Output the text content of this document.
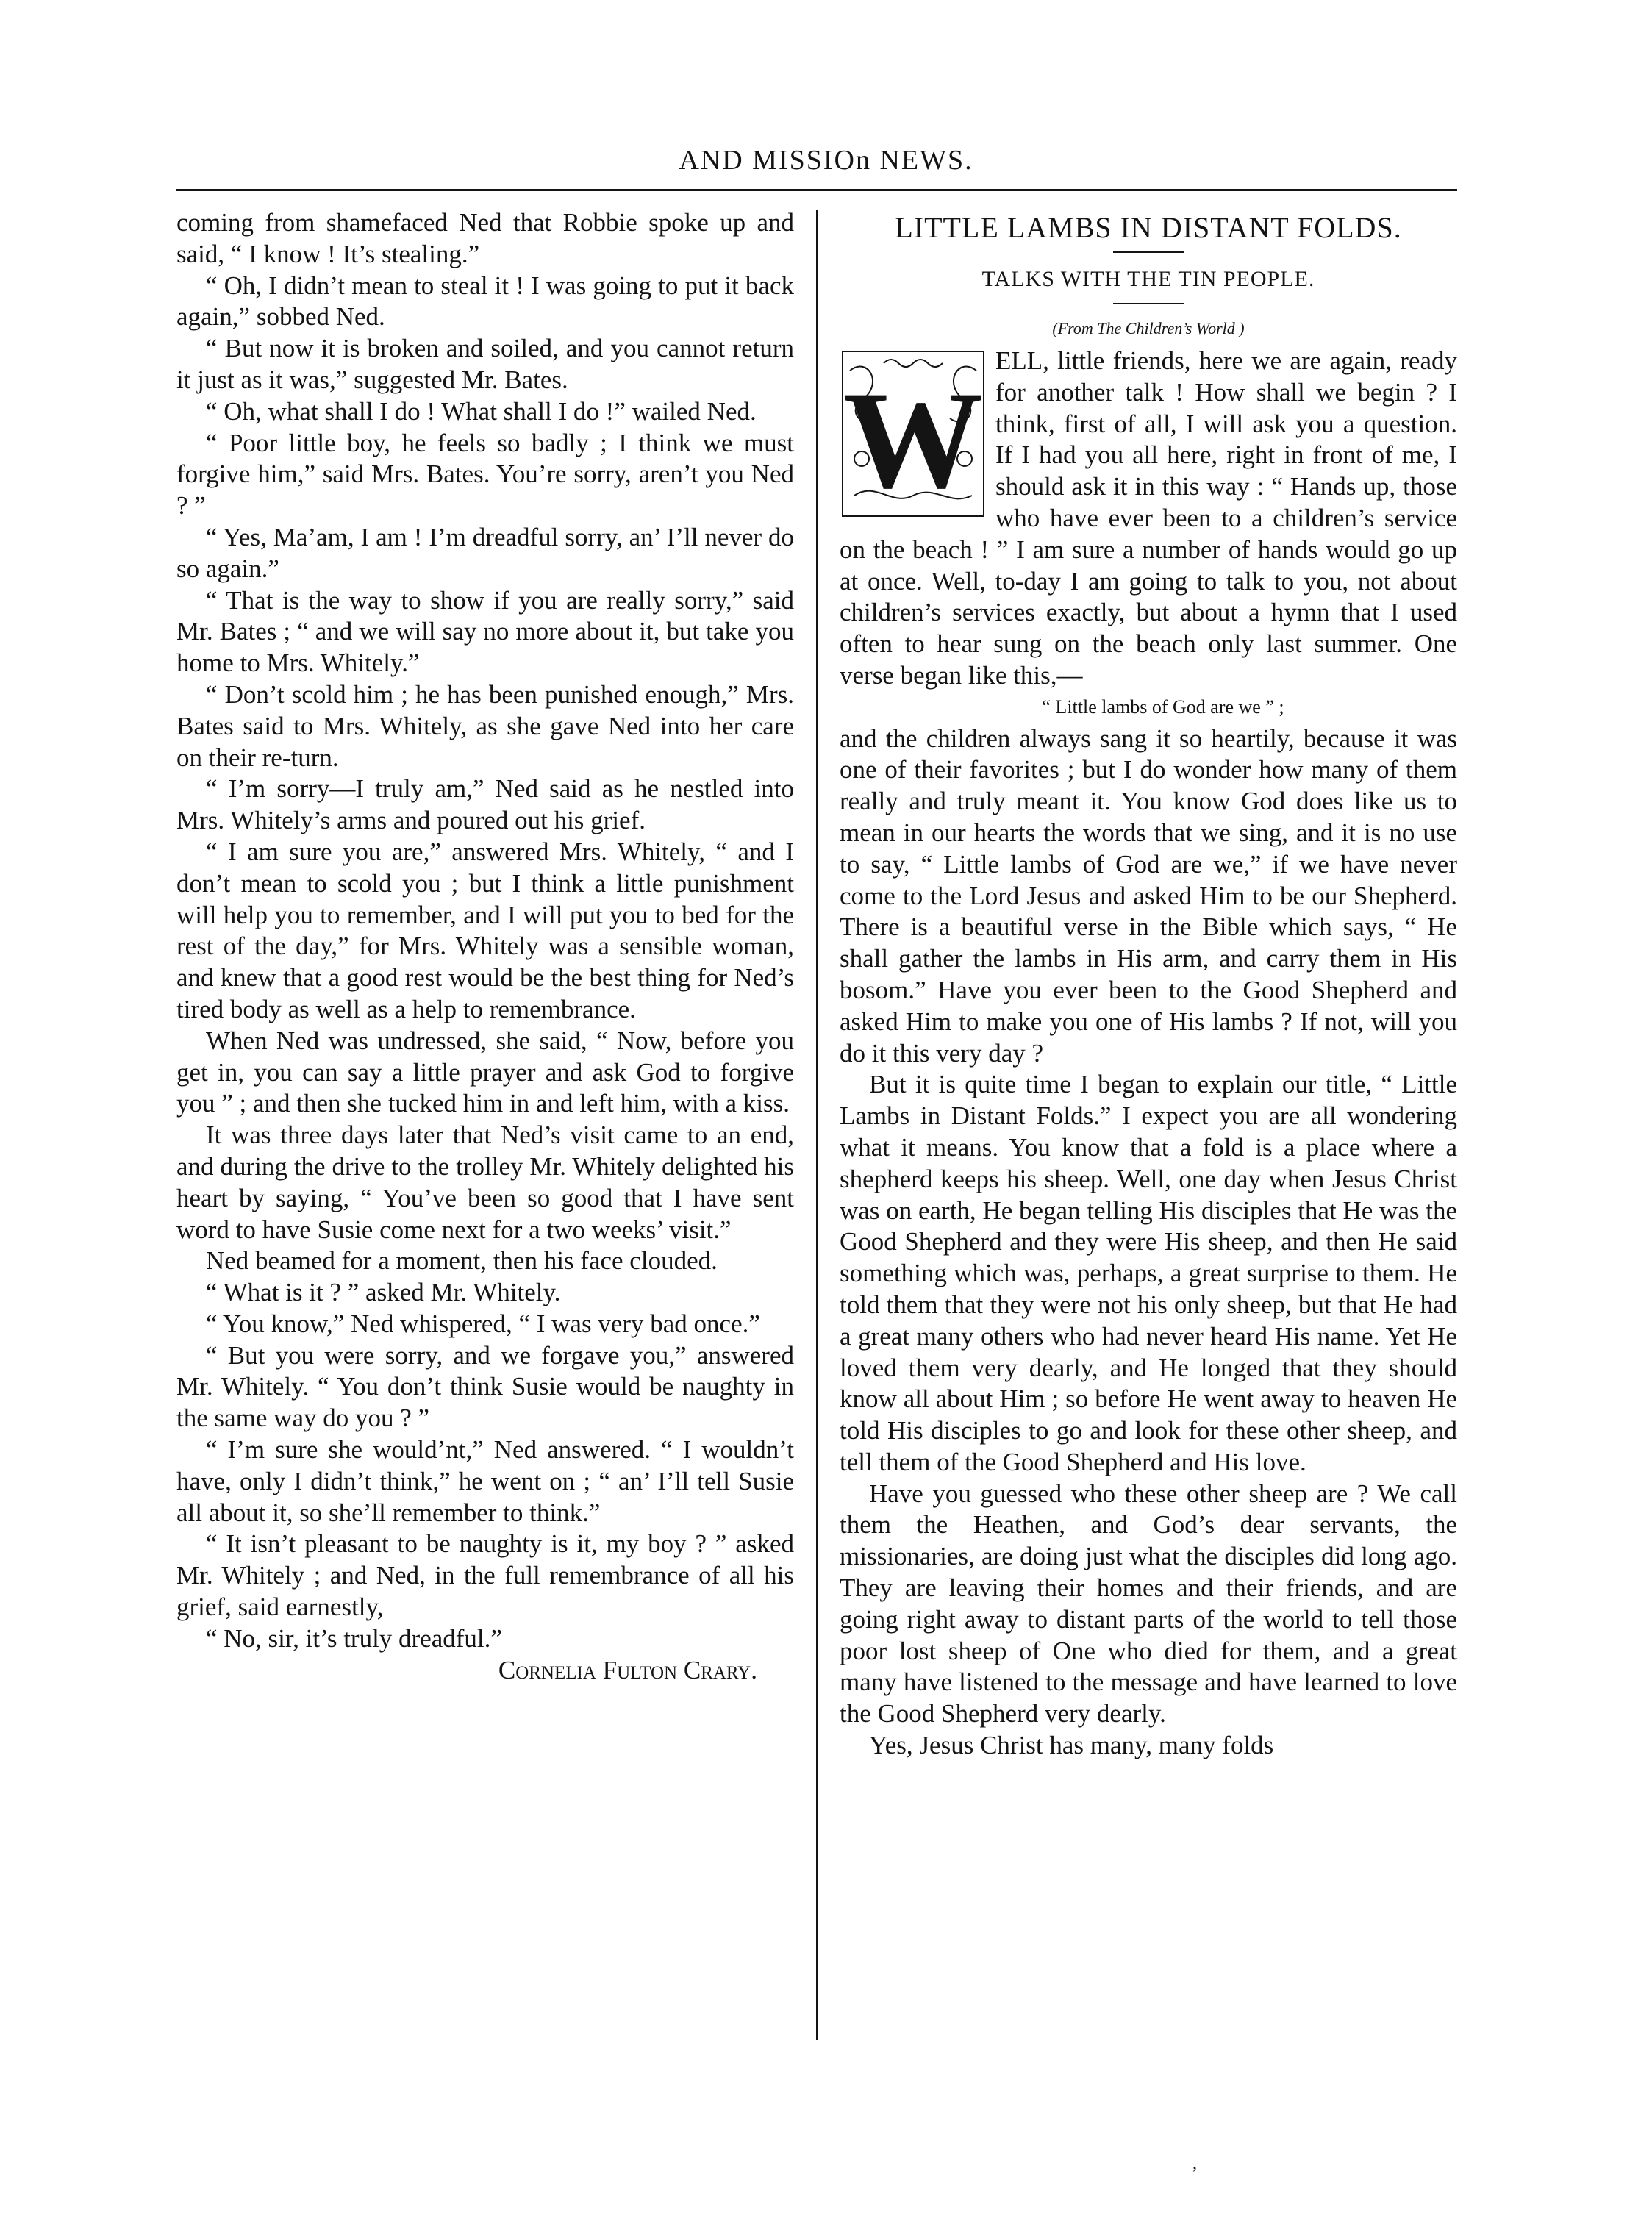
AND MISSIOn NEWS.

coming from shamefaced Ned that Robbie spoke up and said, “ I know ! It’s stealing.”

“ Oh, I didn’t mean to steal it ! I was going to put it back again,” sobbed Ned.

“ But now it is broken and soiled, and you cannot return it just as it was,” suggested Mr. Bates.

“ Oh, what shall I do ! What shall I do !” wailed Ned.

“ Poor little boy, he feels so badly ; I think we must forgive him,” said Mrs. Bates. You’re sorry, aren’t you Ned ? ”

“ Yes, Ma’am, I am ! I’m dreadful sorry, an’ I’ll never do so again.”

“ That is the way to show if you are really sorry,” said Mr. Bates ; “ and we will say no more about it, but take you home to Mrs. Whitely.”

“ Don’t scold him ; he has been punished enough,” Mrs. Bates said to Mrs. Whitely, as she gave Ned into her care on their re-turn.

“ I’m sorry—I truly am,” Ned said as he nestled into Mrs. Whitely’s arms and poured out his grief.

“ I am sure you are,” answered Mrs. Whitely, “ and I don’t mean to scold you ; but I think a little punishment will help you to remember, and I will put you to bed for the rest of the day,” for Mrs. Whitely was a sensible woman, and knew that a good rest would be the best thing for Ned’s tired body as well as a help to remembrance.

When Ned was undressed, she said, “ Now, before you get in, you can say a little prayer and ask God to forgive you ” ; and then she tucked him in and left him, with a kiss.

It was three days later that Ned’s visit came to an end, and during the drive to the trolley Mr. Whitely delighted his heart by saying, “ You’ve been so good that I have sent word to have Susie come next for a two weeks’ visit.”

Ned beamed for a moment, then his face clouded.

“ What is it ? ” asked Mr. Whitely.

“ You know,” Ned whispered, “ I was very bad once.”

“ But you were sorry, and we forgave you,” answered Mr. Whitely. “ You don’t think Susie would be naughty in the same way do you ? ”

“ I’m sure she would’nt,” Ned answered. “ I wouldn’t have, only I didn’t think,” he went on ; “ an’ I’ll tell Susie all about it, so she’ll remember to think.”

“ It isn’t pleasant to be naughty is it, my boy ? ” asked Mr. Whitely ; and Ned, in the full remembrance of all his grief, said earnestly,

“ No, sir, it’s truly dreadful.”

Cornelia Fulton Crary.

LITTLE LAMBS IN DISTANT FOLDS.
TALKS WITH THE TIN PEOPLE.
(From The Children’s World )
W

ELL, little friends, here we are again, ready for another talk ! How shall we begin ? I think, first of all, I will ask you a question. If I had you all here, right in front of me, I should ask it in this way : “ Hands up, those who have ever been to a children’s service on the beach ! ” I am sure a number of hands would go up at once. Well, to-day I am going to talk to you, not about children’s services exactly, but about a hymn that I used often to hear sung on the beach only last summer. One verse began like this,—

“ Little lambs of God are we ” ;

and the children always sang it so heartily, because it was one of their favorites ; but I do wonder how many of them really and truly meant it. You know God does like us to mean in our hearts the words that we sing, and it is no use to say, “ Little lambs of God are we,” if we have never come to the Lord Jesus and asked Him to be our Shepherd. There is a beautiful verse in the Bible which says, “ He shall gather the lambs in His arm, and carry them in His bosom.” Have you ever been to the Good Shepherd and asked Him to make you one of His lambs ? If not, will you do it this very day ?

But it is quite time I began to explain our title, “ Little Lambs in Distant Folds.” I expect you are all wondering what it means. You know that a fold is a place where a shepherd keeps his sheep. Well, one day when Jesus Christ was on earth, He began telling His disciples that He was the Good Shepherd and they were His sheep, and then He said something which was, perhaps, a great surprise to them. He told them that they were not his only sheep, but that He had a great many others who had never heard His name. Yet He loved them very dearly, and He longed that they should know all about Him ; so before He went away to heaven He told His disciples to go and look for these other sheep, and tell them of the Good Shepherd and His love.

Have you guessed who these other sheep are ? We call them the Heathen, and God’s dear servants, the missionaries, are doing just what the disciples did long ago. They are leaving their homes and their friends, and are going right away to distant parts of the world to tell those poor lost sheep of One who died for them, and a great many have listened to the message and have learned to love the Good Shepherd very dearly.

Yes, Jesus Christ has many, many folds

,
